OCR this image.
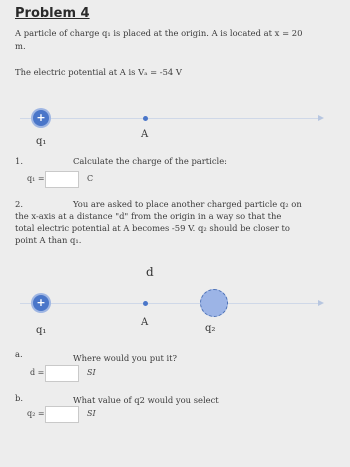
Problem 4
A particle of charge q₁ is placed at the origin. A is located at x = 20
m.
The electric potential at A is Vₐ = -54 V
+
q₁
A
1.	Calculate the charge of the particle:
q₁ =	C
2.	You are asked to place another charged particle q₂ on
the x-axis at a distance "d" from the origin in a way so that the
total electric potential at A becomes -59 V. q₂ should be closer to
point A than q₁.
d
+
q₁
A
q₂
a.	Where would you put it?
d =	SI
b.	What value of q2 would you select
q₂ =	SI
